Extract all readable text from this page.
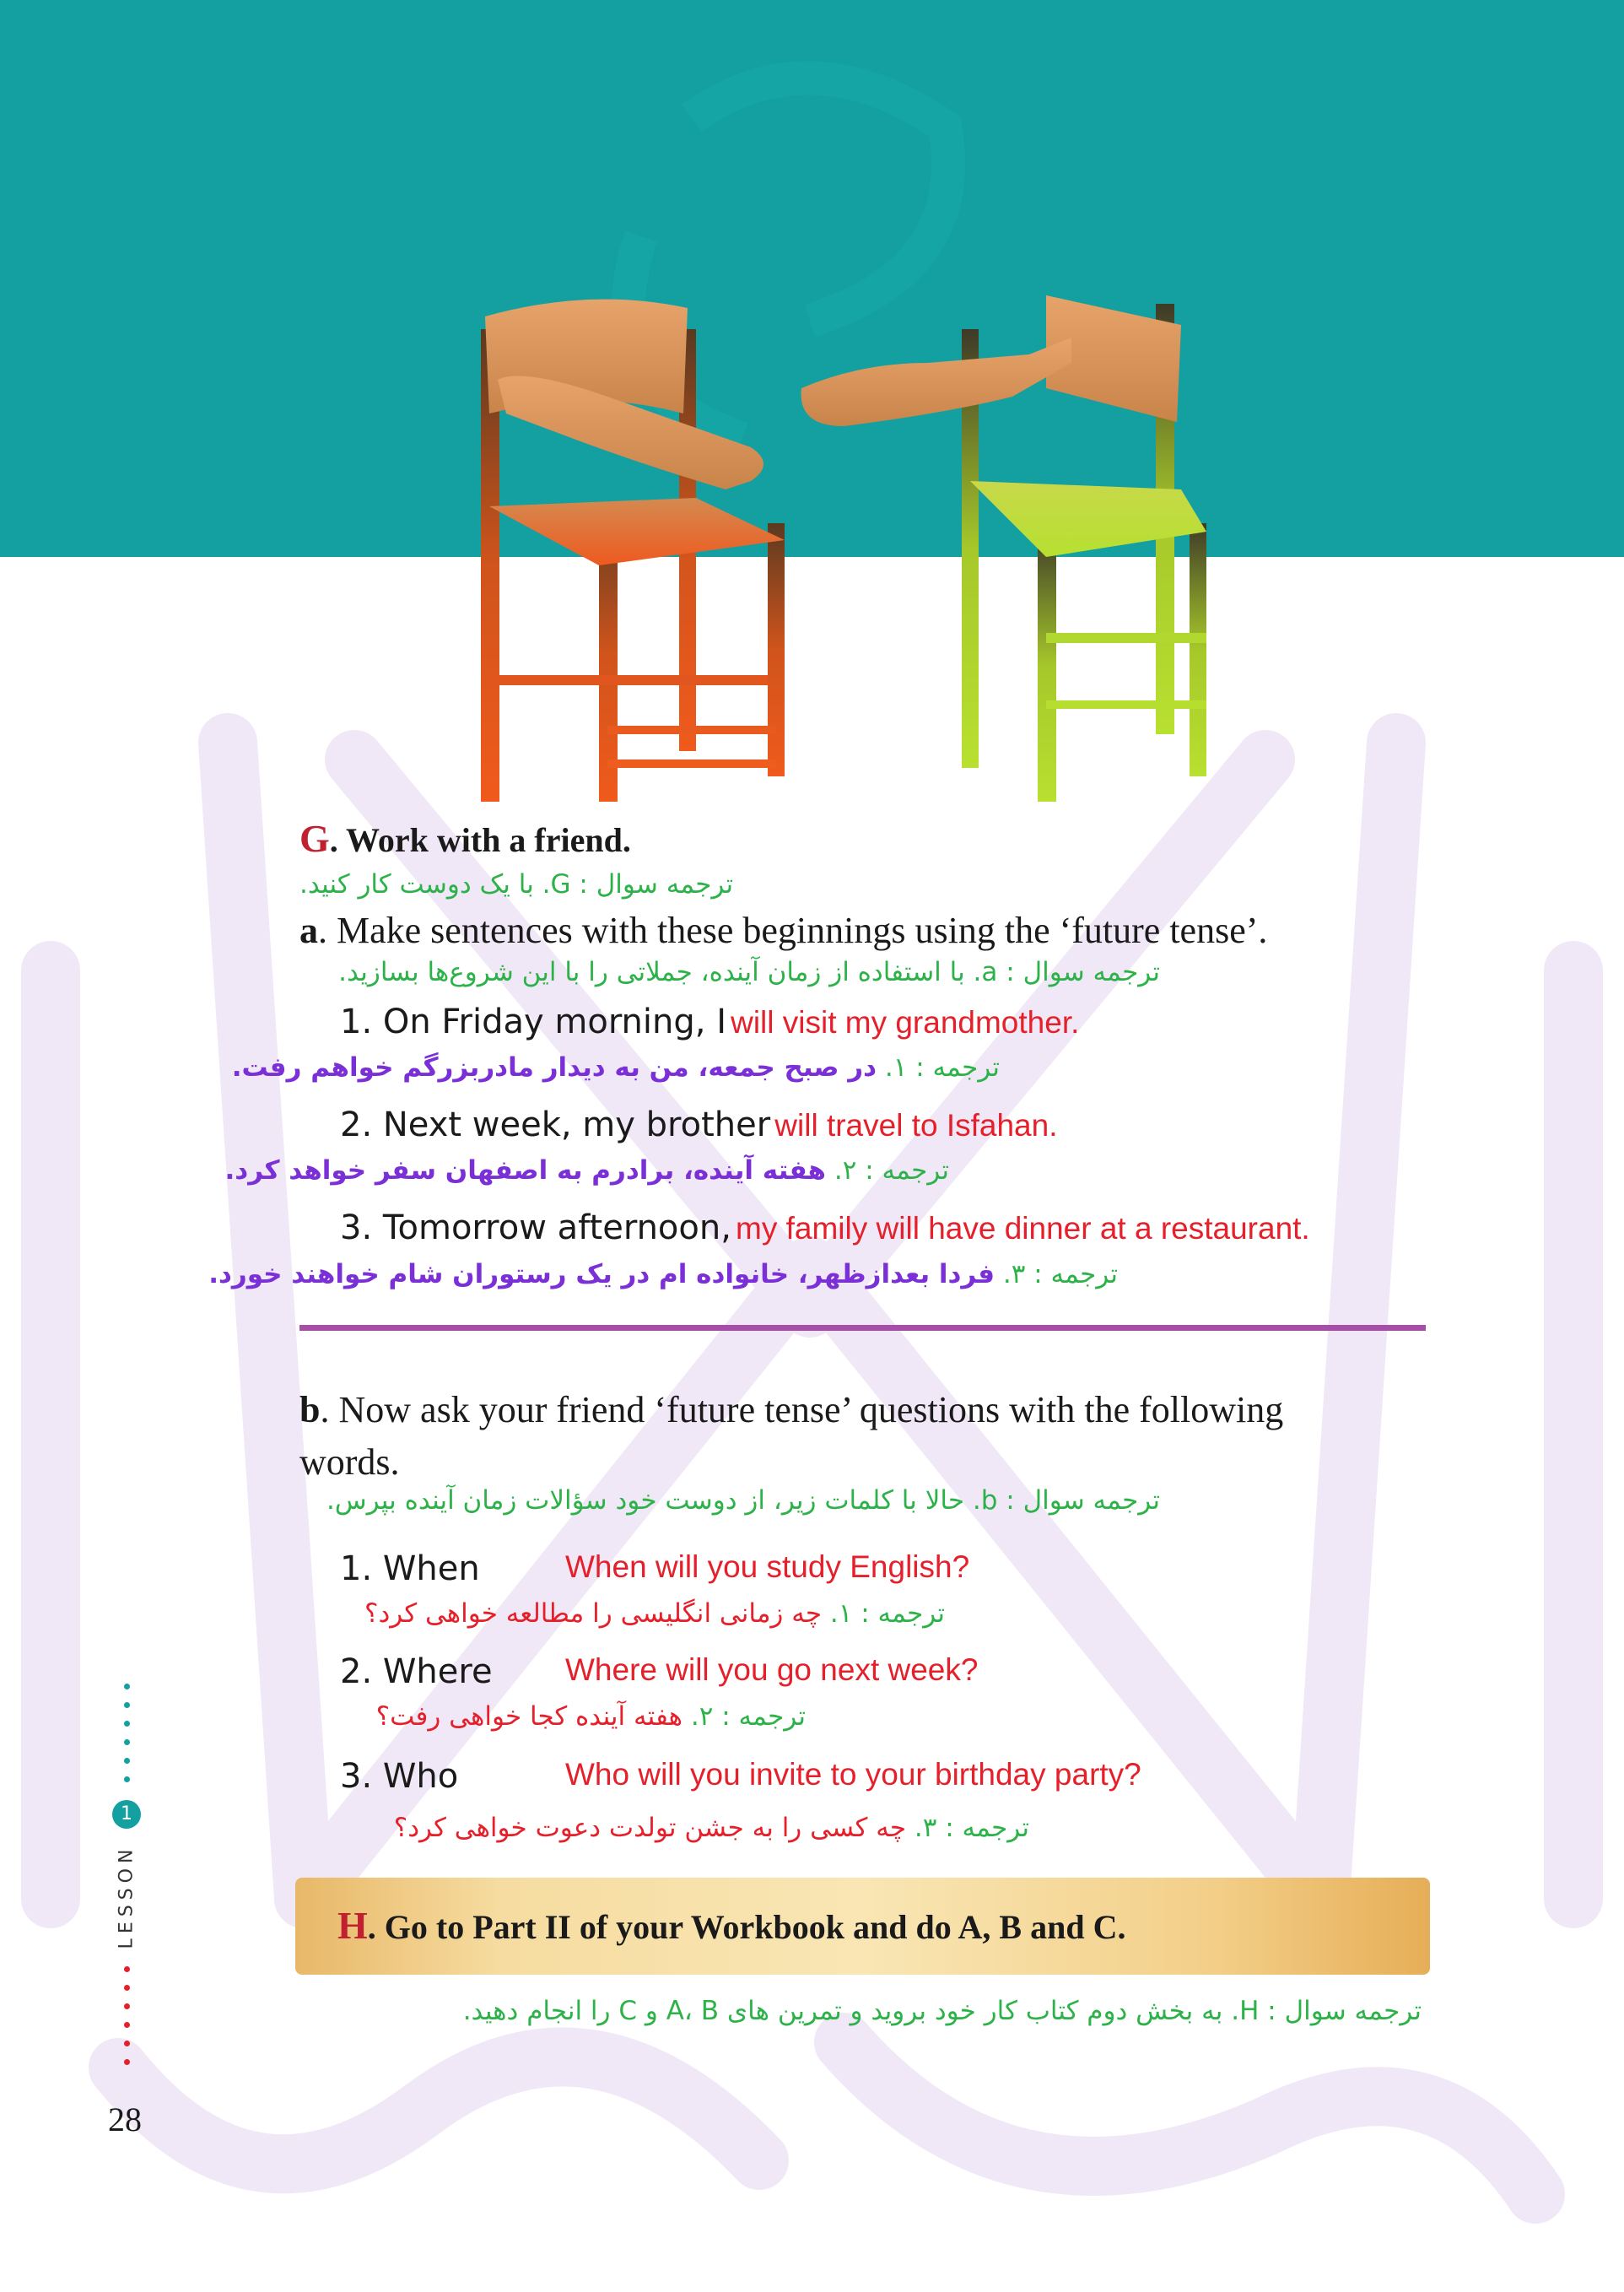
G. Work with a friend.
ترجمه سوال : G. با یک دوست کار کنید.
a. Make sentences with these beginnings using the ‘future tense’.
ترجمه سوال : a. با استفاده از زمان آینده، جملاتی را با این شروع‌ها بسازید.
1. On Friday morning, I will visit my grandmother.
ترجمه : ۱. در صبح جمعه، من به دیدار مادربزرگم خواهم رفت.
2. Next week, my brother will travel to Isfahan.
ترجمه : ۲. هفته آینده، برادرم به اصفهان سفر خواهد کرد.
3. Tomorrow afternoon, my family will have dinner at a restaurant.
ترجمه : ۳. فردا بعدازظهر، خانواده ام در یک رستوران شام خواهند خورد.
b. Now ask your friend ‘future tense’ questions with the following
words.
ترجمه سوال : b. حالا با کلمات زیر، از دوست خود سؤالات زمان آینده بپرس.
1. When	When will you study English?
ترجمه : ۱. چه زمانی انگلیسی را مطالعه خواهی کرد؟
2. Where Where will you go next week?
ترجمه : ۲. هفته آینده کجا خواهی رفت؟
3. Who	Who will you invite to your birthday party?
ترجمه : ۳. چه کسی را به جشن تولدت دعوت خواهی کرد؟
H. Go to Part II of your Workbook and do A, B and C.
ترجمه سوال : H. به بخش دوم کتاب کار خود بروید و تمرین های A، B و C را انجام دهید.
1
LESSON
28
